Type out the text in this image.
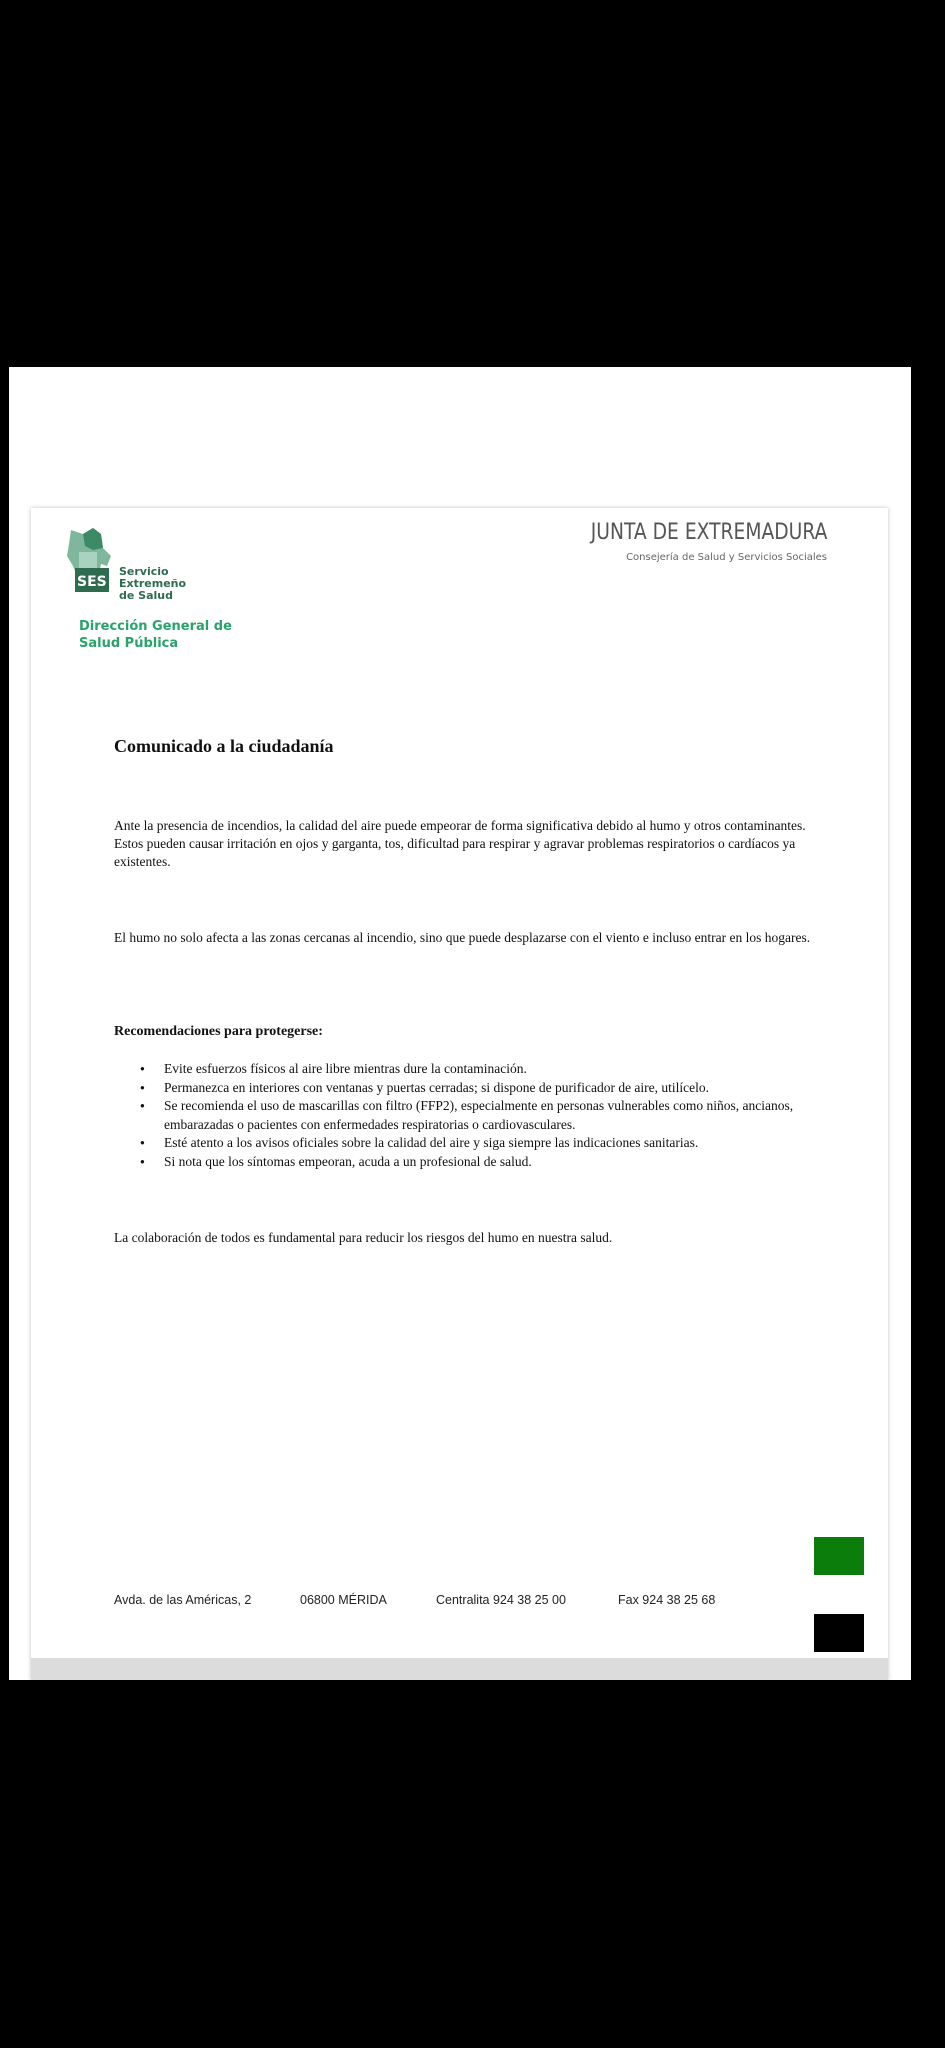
SES
Servicio
Extremeño
de Salud
Dirección General de
Salud Pública
JUNTA DE EXTREMADURA
Consejería de Salud y Servicios Sociales
Comunicado a la ciudadanía

Ante la presencia de incendios, la calidad del aire puede empeorar de forma significativa debido al humo y otros contaminantes. Estos pueden causar irritación en ojos y garganta, tos, dificultad para respirar y agravar problemas respiratorios o cardíacos ya existentes.

El humo no solo afecta a las zonas cercanas al incendio, sino que puede desplazarse con el viento e incluso entrar en los hogares.

Recomendaciones para protegerse:
● Evite esfuerzos físicos al aire libre mientras dure la contaminación.
● Permanezca en interiores con ventanas y puertas cerradas; si dispone de purificador de aire, utilícelo.
● Se recomienda el uso de mascarillas con filtro (FFP2), especialmente en personas vulnerables como niños, ancianos, embarazadas o pacientes con enfermedades respiratorias o cardiovasculares.
● Esté atento a los avisos oficiales sobre la calidad del aire y siga siempre las indicaciones sanitarias.
● Si nota que los síntomas empeoran, acuda a un profesional de salud.

La colaboración de todos es fundamental para reducir los riesgos del humo en nuestra salud.

Avda. de las Américas, 2	06800 MÉRIDA	Centralita 924 38 25 00	Fax 924 38 25 68
